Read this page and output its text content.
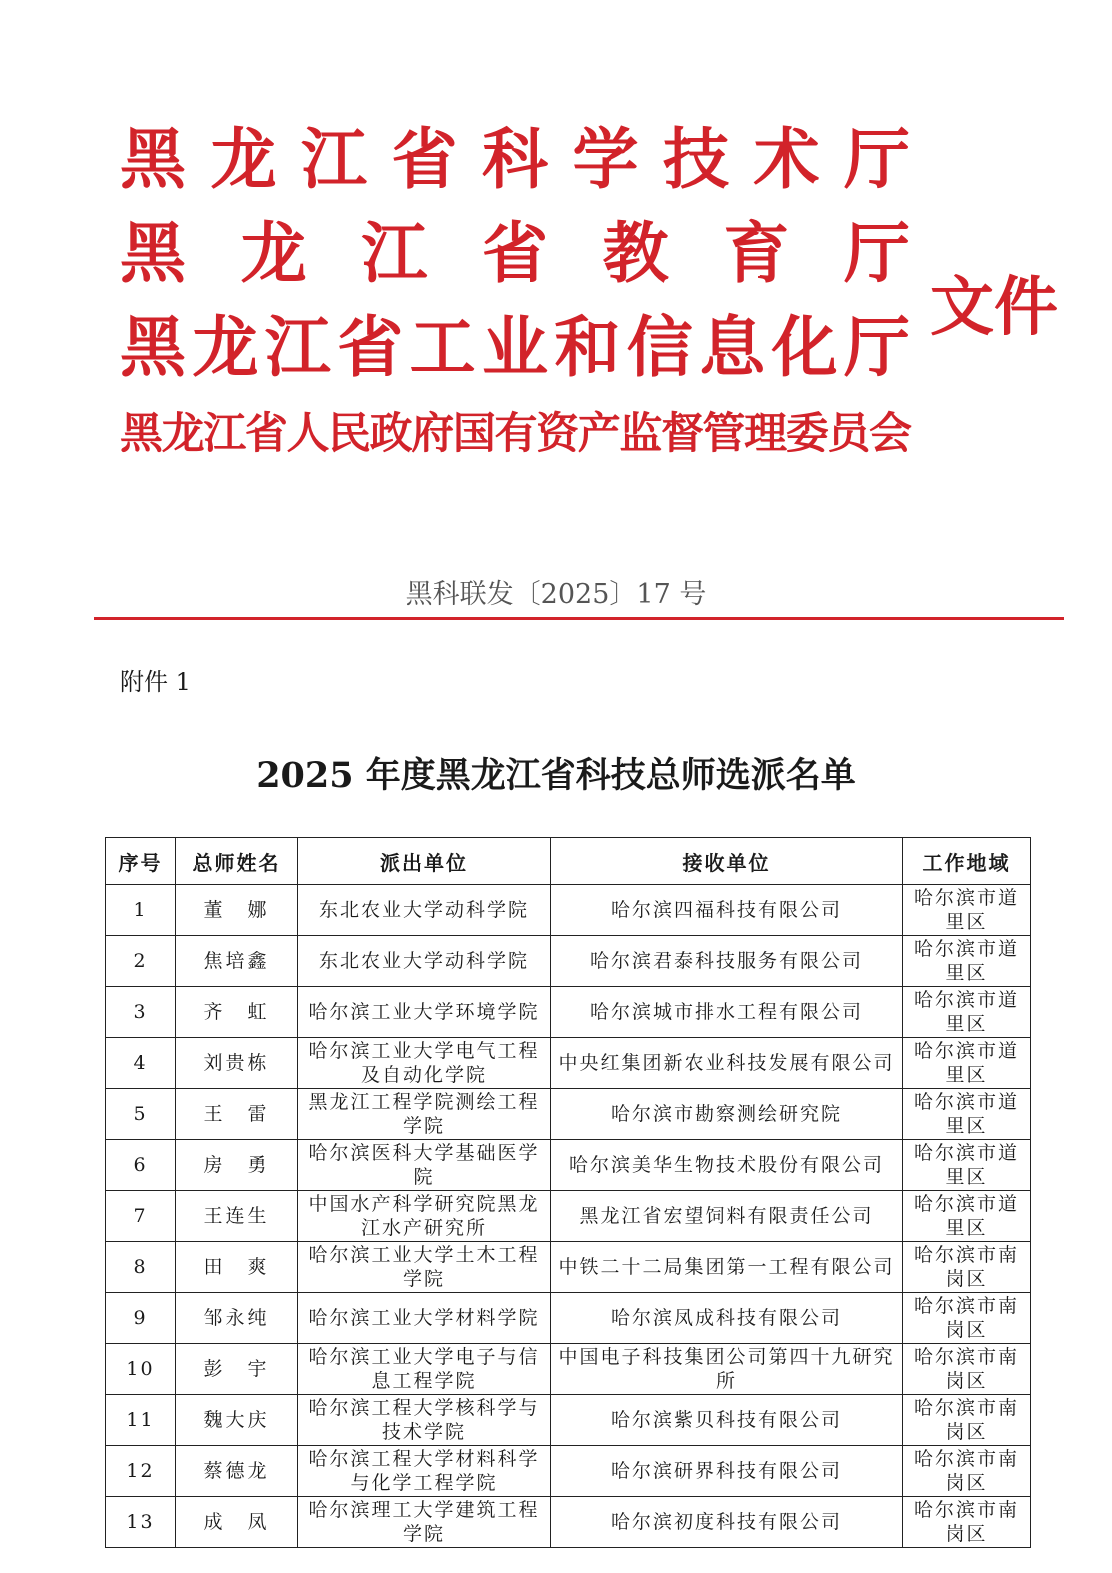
黑龙江省科学技术厅
黑龙江省教育厅
黑龙江省工业和信息化厅
黑龙江省人民政府国有资产监督管理委员会
文件
黑科联发〔2025〕17 号
附件 1
2025 年度黑龙江省科技总师选派名单
序号	总师姓名	派出单位	接收单位	工作地域
1	董　娜	东北农业大学动科学院	哈尔滨四福科技有限公司	哈尔滨市道里区
2	焦培鑫	东北农业大学动科学院	哈尔滨君泰科技服务有限公司	哈尔滨市道里区
3	齐　虹	哈尔滨工业大学环境学院	哈尔滨城市排水工程有限公司	哈尔滨市道里区
4	刘贵栋	哈尔滨工业大学电气工程及自动化学院	中央红集团新农业科技发展有限公司	哈尔滨市道里区
5	王　雷	黑龙江工程学院测绘工程学院	哈尔滨市勘察测绘研究院	哈尔滨市道里区
6	房　勇	哈尔滨医科大学基础医学院	哈尔滨美华生物技术股份有限公司	哈尔滨市道里区
7	王连生	中国水产科学研究院黑龙江水产研究所	黑龙江省宏望饲料有限责任公司	哈尔滨市道里区
8	田　爽	哈尔滨工业大学土木工程学院	中铁二十二局集团第一工程有限公司	哈尔滨市南岗区
9	邹永纯	哈尔滨工业大学材料学院	哈尔滨凤成科技有限公司	哈尔滨市南岗区
10	彭　宇	哈尔滨工业大学电子与信息工程学院	中国电子科技集团公司第四十九研究所	哈尔滨市南岗区
11	魏大庆	哈尔滨工程大学核科学与技术学院	哈尔滨紫贝科技有限公司	哈尔滨市南岗区
12	蔡德龙	哈尔滨工程大学材料科学与化学工程学院	哈尔滨研界科技有限公司	哈尔滨市南岗区
13	成　凤	哈尔滨理工大学建筑工程学院	哈尔滨初度科技有限公司	哈尔滨市南岗区
